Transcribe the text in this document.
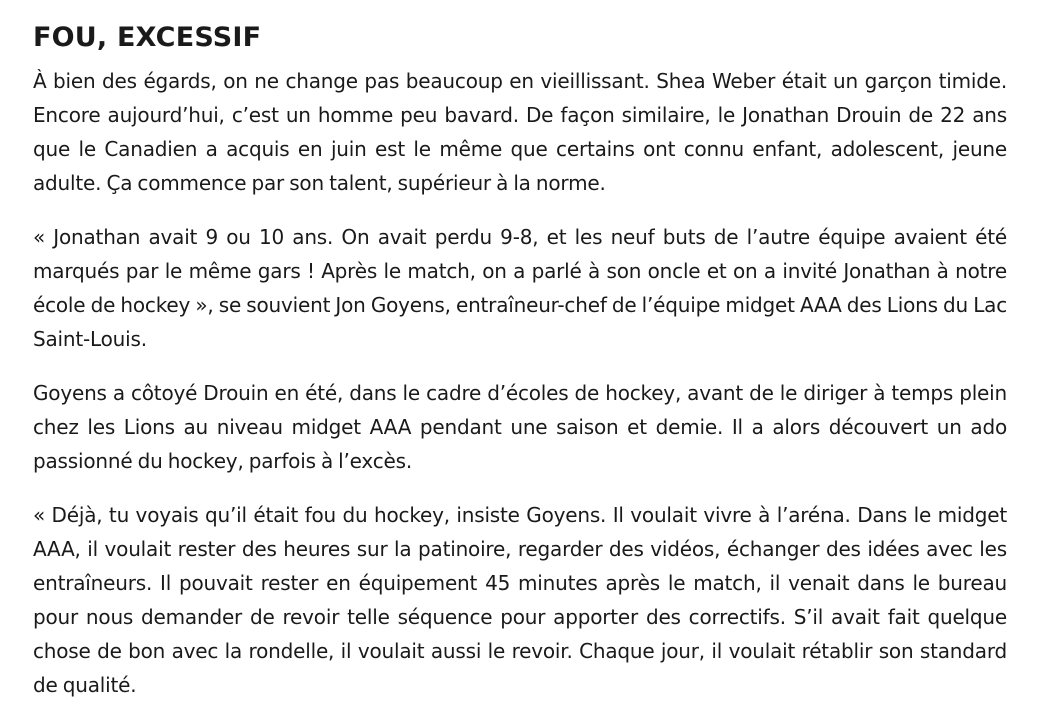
FOU, EXCESSIF

À bien des égards, on ne change pas beaucoup en vieillissant. Shea Weber était un garçon timide. Encore aujourd’hui, c’est un homme peu bavard. De façon similaire, le Jonathan Drouin de 22 ans que le Canadien a acquis en juin est le même que certains ont connu enfant, adolescent, jeune adulte. Ça commence par son talent, supérieur à la norme.

« Jonathan avait 9 ou 10 ans. On avait perdu 9-8, et les neuf buts de l’autre équipe avaient été marqués par le même gars ! Après le match, on a parlé à son oncle et on a invité Jonathan à notre école de hockey », se souvient Jon Goyens, entraîneur-chef de l’équipe midget AAA des Lions du Lac Saint-Louis.

Goyens a côtoyé Drouin en été, dans le cadre d’écoles de hockey, avant de le diriger à temps plein chez les Lions au niveau midget AAA pendant une saison et demie. Il a alors découvert un ado passionné du hockey, parfois à l’excès.

« Déjà, tu voyais qu’il était fou du hockey, insiste Goyens. Il voulait vivre à l’aréna. Dans le midget AAA, il voulait rester des heures sur la patinoire, regarder des vidéos, échanger des idées avec les entraîneurs. Il pouvait rester en équipement 45 minutes après le match, il venait dans le bureau pour nous demander de revoir telle séquence pour apporter des correctifs. S’il avait fait quelque chose de bon avec la rondelle, il voulait aussi le revoir. Chaque jour, il voulait rétablir son standard de qualité.
